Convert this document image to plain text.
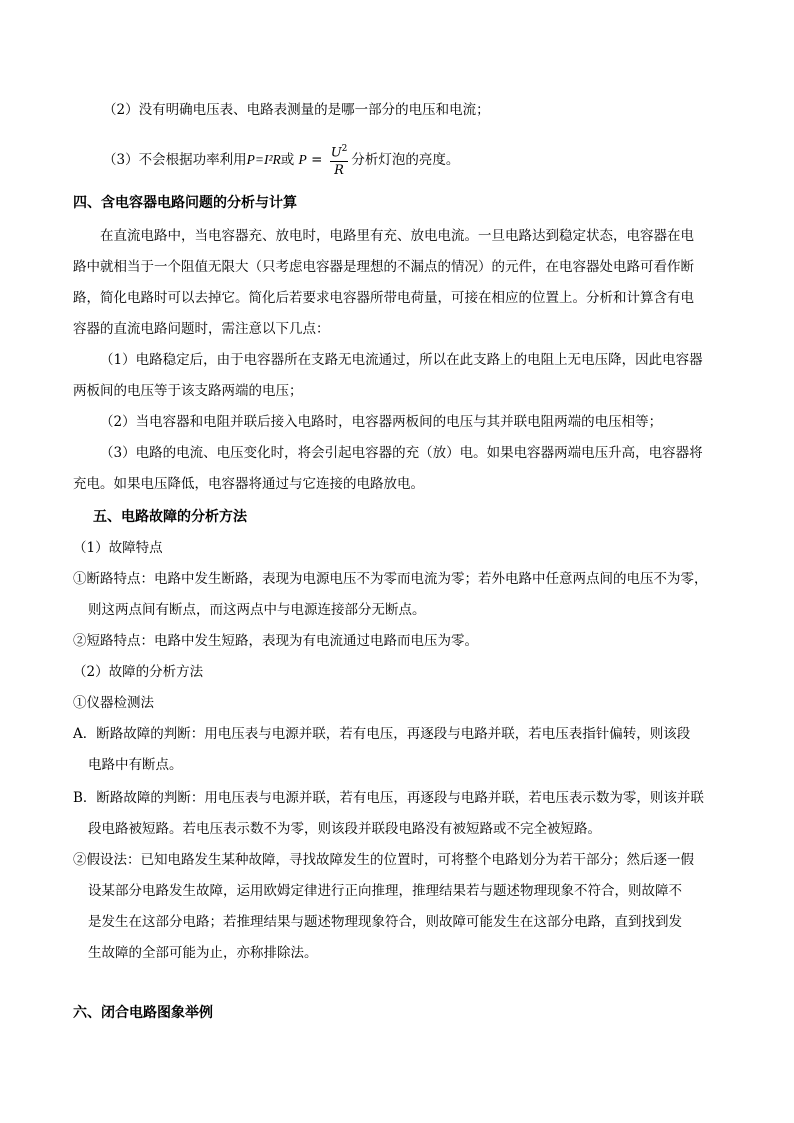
（2）没有明确电压表、电路表测量的是哪一部分的电压和电流；
（3）不会根据功率利用P=I²R或 $P = \frac{U^2}{R}$ 分析灯泡的亮度。
四、含电容器电路问题的分析与计算
在直流电路中，当电容器充、放电时，电路里有充、放电电流。一旦电路达到稳定状态，电容器在电
路中就相当于一个阻值无限大（只考虑电容器是理想的不漏点的情况）的元件，在电容器处电路可看作断
路，简化电路时可以去掉它。简化后若要求电容器所带电荷量，可接在相应的位置上。分析和计算含有电
容器的直流电路问题时，需注意以下几点：
（1）电路稳定后，由于电容器所在支路无电流通过，所以在此支路上的电阻上无电压降，因此电容器
两板间的电压等于该支路两端的电压；
（2）当电容器和电阻并联后接入电路时，电容器两板间的电压与其并联电阻两端的电压相等；
（3）电路的电流、电压变化时，将会引起电容器的充（放）电。如果电容器两端电压升高，电容器将
充电。如果电压降低，电容器将通过与它连接的电路放电。
五、电路故障的分析方法
（1）故障特点
①断路特点：电路中发生断路，表现为电源电压不为零而电流为零；若外电路中任意两点间的电压不为零，
则这两点间有断点，而这两点中与电源连接部分无断点。
②短路特点：电路中发生短路，表现为有电流通过电路而电压为零。
（2）故障的分析方法
①仪器检测法
A．断路故障的判断：用电压表与电源并联，若有电压，再逐段与电路并联，若电压表指针偏转，则该段
电路中有断点。
B．断路故障的判断：用电压表与电源并联，若有电压，再逐段与电路并联，若电压表示数为零，则该并联
段电路被短路。若电压表示数不为零，则该段并联段电路没有被短路或不完全被短路。
②假设法：已知电路发生某种故障，寻找故障发生的位置时，可将整个电路划分为若干部分；然后逐一假
设某部分电路发生故障，运用欧姆定律进行正向推理，推理结果若与题述物理现象不符合，则故障不
是发生在这部分电路；若推理结果与题述物理现象符合，则故障可能发生在这部分电路，直到找到发
生故障的全部可能为止，亦称排除法。
六、闭合电路图象举例
